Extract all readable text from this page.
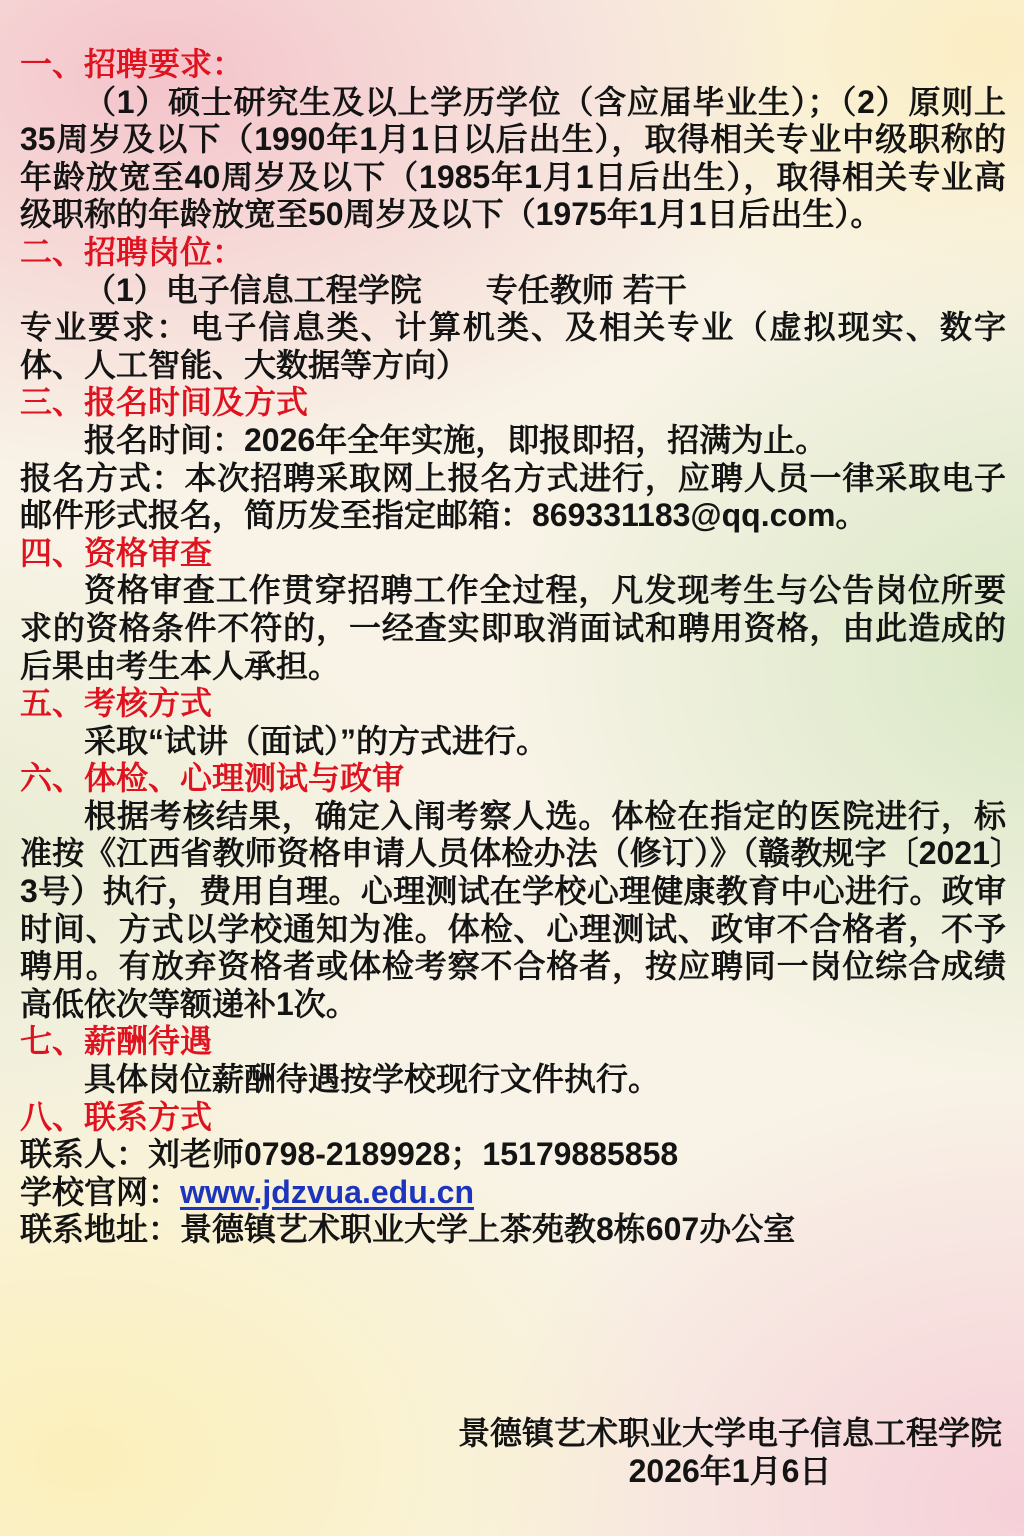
一、招聘要求：

（1）硕士研究生及以上学历学位（含应届毕业生）；（2）原则上35周岁及以下（1990年1月1日以后出生），取得相关专业中级职称的年龄放宽至40周岁及以下（1985年1月1日后出生），取得相关专业高级职称的年龄放宽至50周岁及以下（1975年1月1日后出生）。

二、招聘岗位：

（1）电子信息工程学院　　专任教师 若干

专业要求：电子信息类、计算机类、及相关专业（虚拟现实、数字体、人工智能、大数据等方向）

三、报名时间及方式

报名时间：2026年全年实施，即报即招，招满为止。

报名方式：本次招聘采取网上报名方式进行，应聘人员一律采取电子邮件形式报名，简历发至指定邮箱：869331183@qq.com。

四、资格审查

资格审查工作贯穿招聘工作全过程，凡发现考生与公告岗位所要求的资格条件不符的，一经查实即取消面试和聘用资格，由此造成的后果由考生本人承担。

五、考核方式

采取“试讲（面试）”的方式进行。

六、体检、心理测试与政审

根据考核结果，确定入闱考察人选。体检在指定的医院进行，标准按《江西省教师资格申请人员体检办法（修订）》（赣教规字〔2021〕3号）执行，费用自理。心理测试在学校心理健康教育中心进行。政审时间、方式以学校通知为准。体检、心理测试、政审不合格者，不予聘用。有放弃资格者或体检考察不合格者，按应聘同一岗位综合成绩高低依次等额递补1次。

七、薪酬待遇

具体岗位薪酬待遇按学校现行文件执行。

八、联系方式

联系人：刘老师0798-2189928；15179885858

学校官网：www.jdzvua.edu.cn

联系地址：景德镇艺术职业大学上茶苑教8栋607办公室

景德镇艺术职业大学电子信息工程学院
2026年1月6日
